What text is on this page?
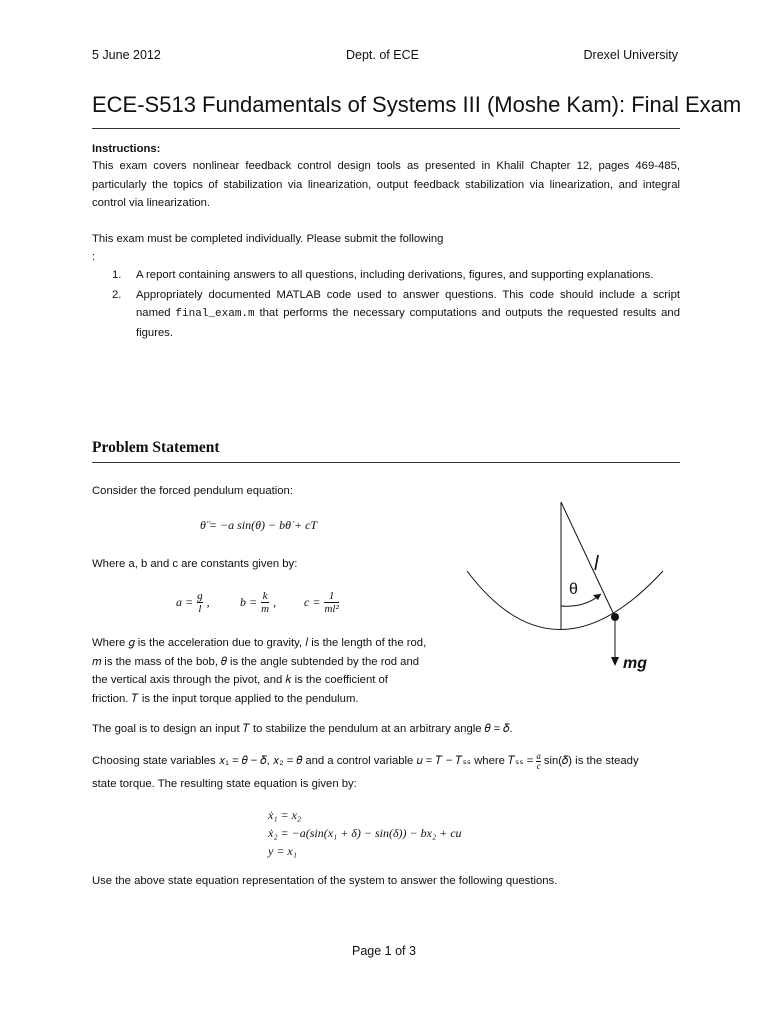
5 June 2012	Dept. of ECE	Drexel University
ECE-S513 Fundamentals of Systems III (Moshe Kam): Final Exam
Instructions:
This exam covers nonlinear feedback control design tools as presented in Khalil Chapter 12, pages 469-485, particularly the topics of stabilization via linearization, output feedback stabilization via linearization, and integral control via linearization.
This exam must be completed individually. Please submit the following
:
1.	A report containing answers to all questions, including derivations, figures, and supporting explanations.
2.	Appropriately documented MATLAB code used to answer questions. This code should include a script named final_exam.m that performs the necessary computations and outputs the requested results and figures.
Problem Statement
Consider the forced pendulum equation:
θ̈ = −a sin(θ) − bθ̇ + cT
Where a, b and c are constants given by:
$a = \frac{g}{l}$ ,	$b = \frac{k}{m}$ , $c = \frac{1}{\text{ml²}}$
Where 𝑔 is the acceleration due to gravity, 𝑙 is the length of the rod,
𝑚 is the mass of the bob, 𝜃 is the angle subtended by the rod and
the vertical axis through the pivot, and 𝑘 is the coefficient of
friction. 𝑇 is the input torque applied to the pendulum.
The goal is to design an input 𝑇 to stabilize the pendulum at an arbitrary angle 𝜃 = 𝛿.
Choosing state variables 𝑥₁ = 𝜃 − 𝛿, 𝑥₂ = 𝜃̇ and a control variable 𝑢 = 𝑇 − 𝑇ₛₛ where 𝑇ₛₛ = $\frac{a}{c}$ sin(𝛿) is the steady
state torque. The resulting state equation is given by:
ẋ₁ = x₂
ẋ₂ = −a(sin(x₁ + δ) − sin(δ)) − bx₂ + cu
y = x₁
Use the above state equation representation of the system to answer the following questions.
l
θ
mg
Page 1 of 3
